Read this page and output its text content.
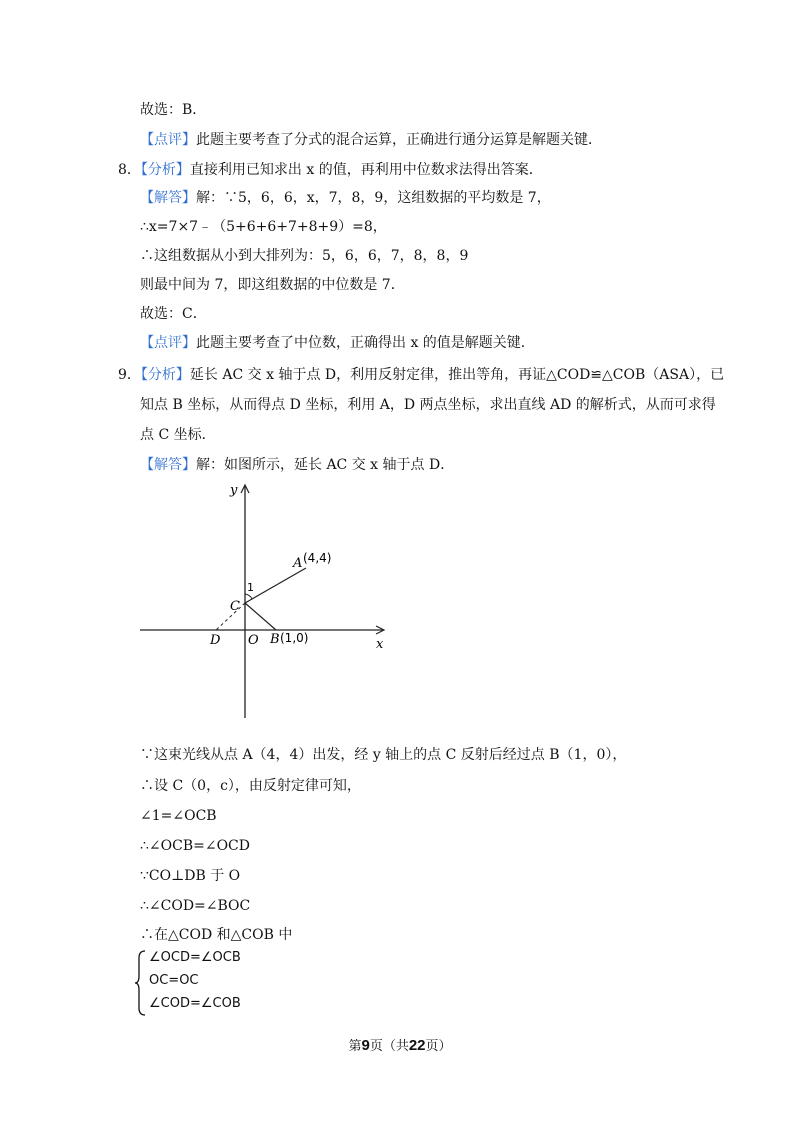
故选：B．
【点评】此题主要考查了分式的混合运算，正确进行通分运算是解题关键．
8．【分析】直接利用已知求出 x 的值，再利用中位数求法得出答案．
【解答】解：∵5，6，6，x，7，8，9，这组数据的平均数是 7，
∴x=7×7﹣（5+6+6+7+8+9）=8，
∴这组数据从小到大排列为：5，6，6，7，8，8，9
则最中间为 7，即这组数据的中位数是 7．
故选：C．
【点评】此题主要考查了中位数，正确得出 x 的值是解题关键．
9．【分析】延长 AC 交 x 轴于点 D，利用反射定律，推出等角，再证△COD≌△COB（ASA），已
知点 B 坐标，从而得点 D 坐标，利用 A，D 两点坐标，求出直线 AD 的解析式，从而可求得
点 C 坐标．
【解答】解：如图所示，延长 AC 交 x 轴于点 D．
y
x
A (4,4)
C
1
D O B (1,0)
∵这束光线从点 A（4，4）出发，经 y 轴上的点 C 反射后经过点 B（1，0），
∴设 C（0，c），由反射定律可知，
∠1=∠OCB
∴∠OCB=∠OCD
∵CO⊥DB 于 O
∴∠COD=∠BOC
∴在△COD 和△COB 中
{ ∠OCD=∠OCB
OC=OC
∠COD=∠COB
第9页（共22页）
